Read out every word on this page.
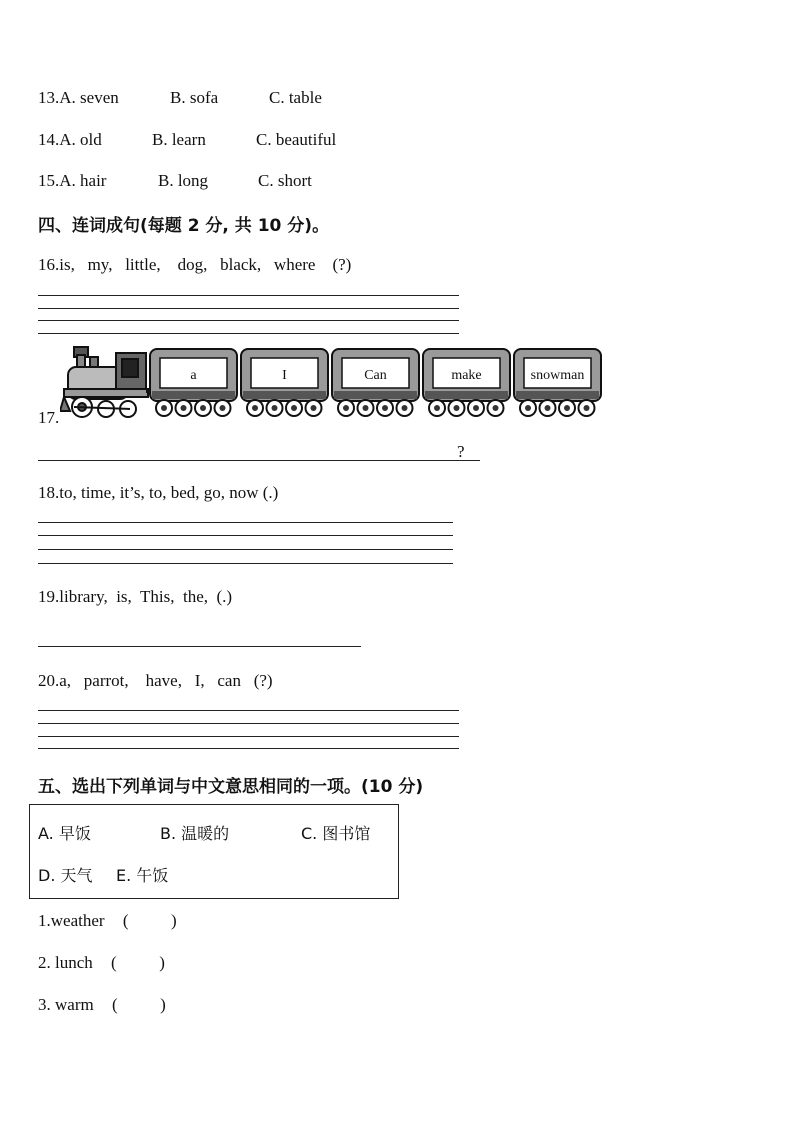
13.A. seven	B. sofa	C. table
14.A. old	B. learn	C. beautiful
15.A. hair	B. long	C. short
四、连词成句(每题 2 分, 共 10 分)。
16.is,   my,   little,    dog,   black,   where    (?)
17.
a	I	Can	make	snowman
?
18.to, time, it’s, to, bed, go, now (.)
19.library,  is,  This,  the,  (.)
20.a,   parrot,    have,   I,   can   (?)
五、选出下列单词与中文意思相同的一项。(10 分)
A. 早饭	B. 温暖的	C. 图书馆
D. 天气 E. 午饭
1.weather (          )
2. lunch (          )
3. warm (          )
